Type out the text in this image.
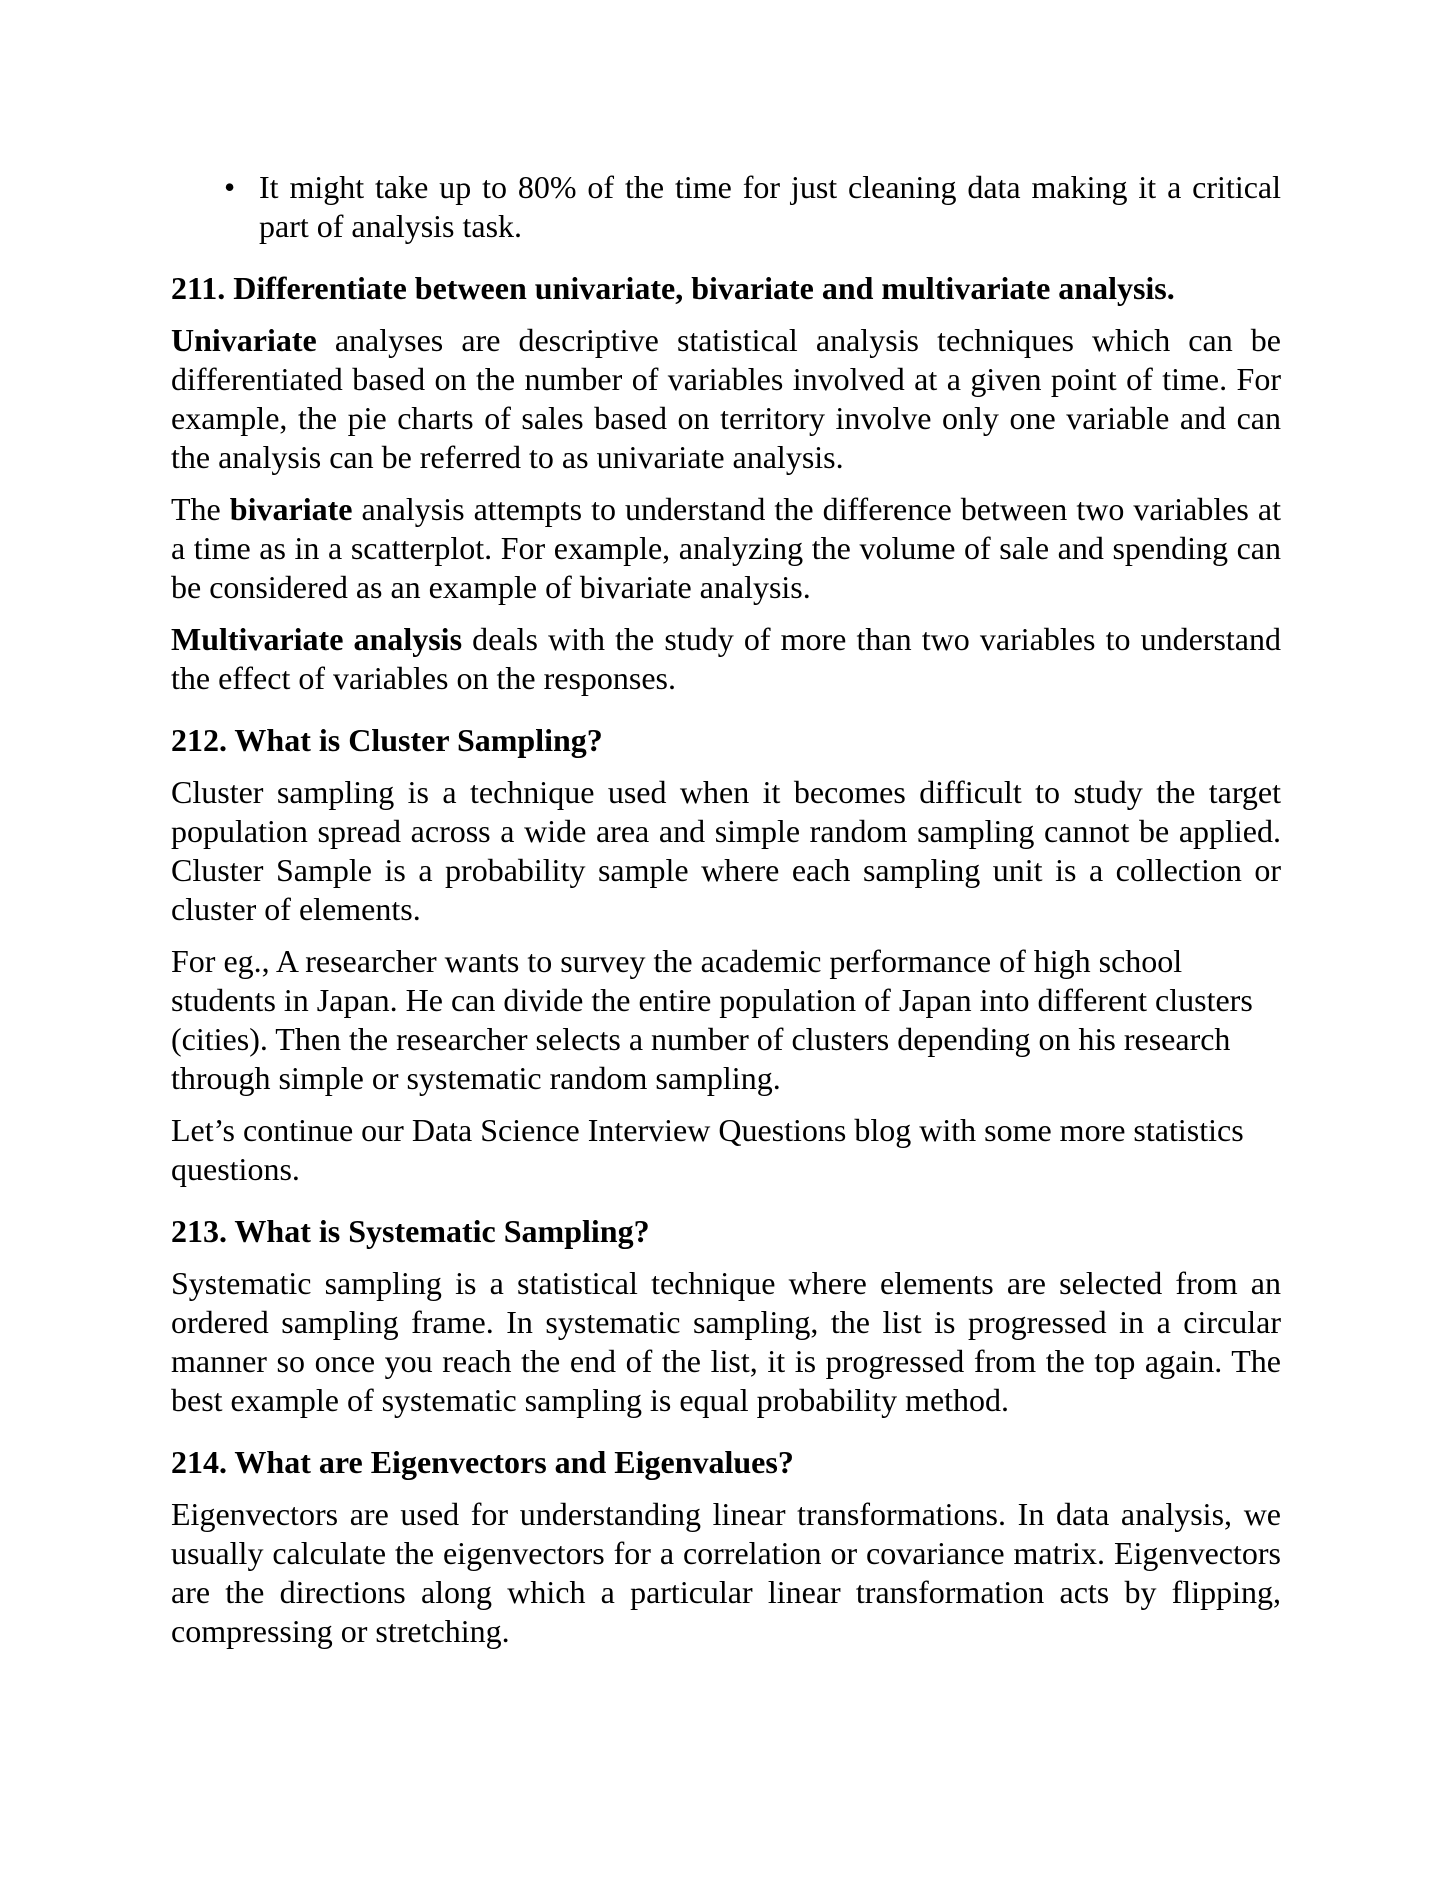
• It might take up to 80% of the time for just cleaning data making it a critical part of analysis task.
211. Differentiate between univariate, bivariate and multivariate analysis.

Univariate analyses are descriptive statistical analysis techniques which can be differentiated based on the number of variables involved at a given point of time. For example, the pie charts of sales based on territory involve only one variable and can the analysis can be referred to as univariate analysis.

The bivariate analysis attempts to understand the difference between two variables at a time as in a scatterplot. For example, analyzing the volume of sale and spending can be considered as an example of bivariate analysis.

Multivariate analysis deals with the study of more than two variables to understand the effect of variables on the responses.

212. What is Cluster Sampling?

Cluster sampling is a technique used when it becomes difficult to study the target population spread across a wide area and simple random sampling cannot be applied. Cluster Sample is a probability sample where each sampling unit is a collection or cluster of elements.

For eg., A researcher wants to survey the academic performance of high school students in Japan. He can divide the entire population of Japan into different clusters (cities). Then the researcher selects a number of clusters depending on his research through simple or systematic random sampling.

Let’s continue our Data Science Interview Questions blog with some more statistics questions.

213. What is Systematic Sampling?

Systematic sampling is a statistical technique where elements are selected from an ordered sampling frame. In systematic sampling, the list is progressed in a circular manner so once you reach the end of the list, it is progressed from the top again. The best example of systematic sampling is equal probability method.

214. What are Eigenvectors and Eigenvalues?

Eigenvectors are used for understanding linear transformations. In data analysis, we usually calculate the eigenvectors for a correlation or covariance matrix. Eigenvectors are the directions along which a particular linear transformation acts by flipping, compressing or stretching.
